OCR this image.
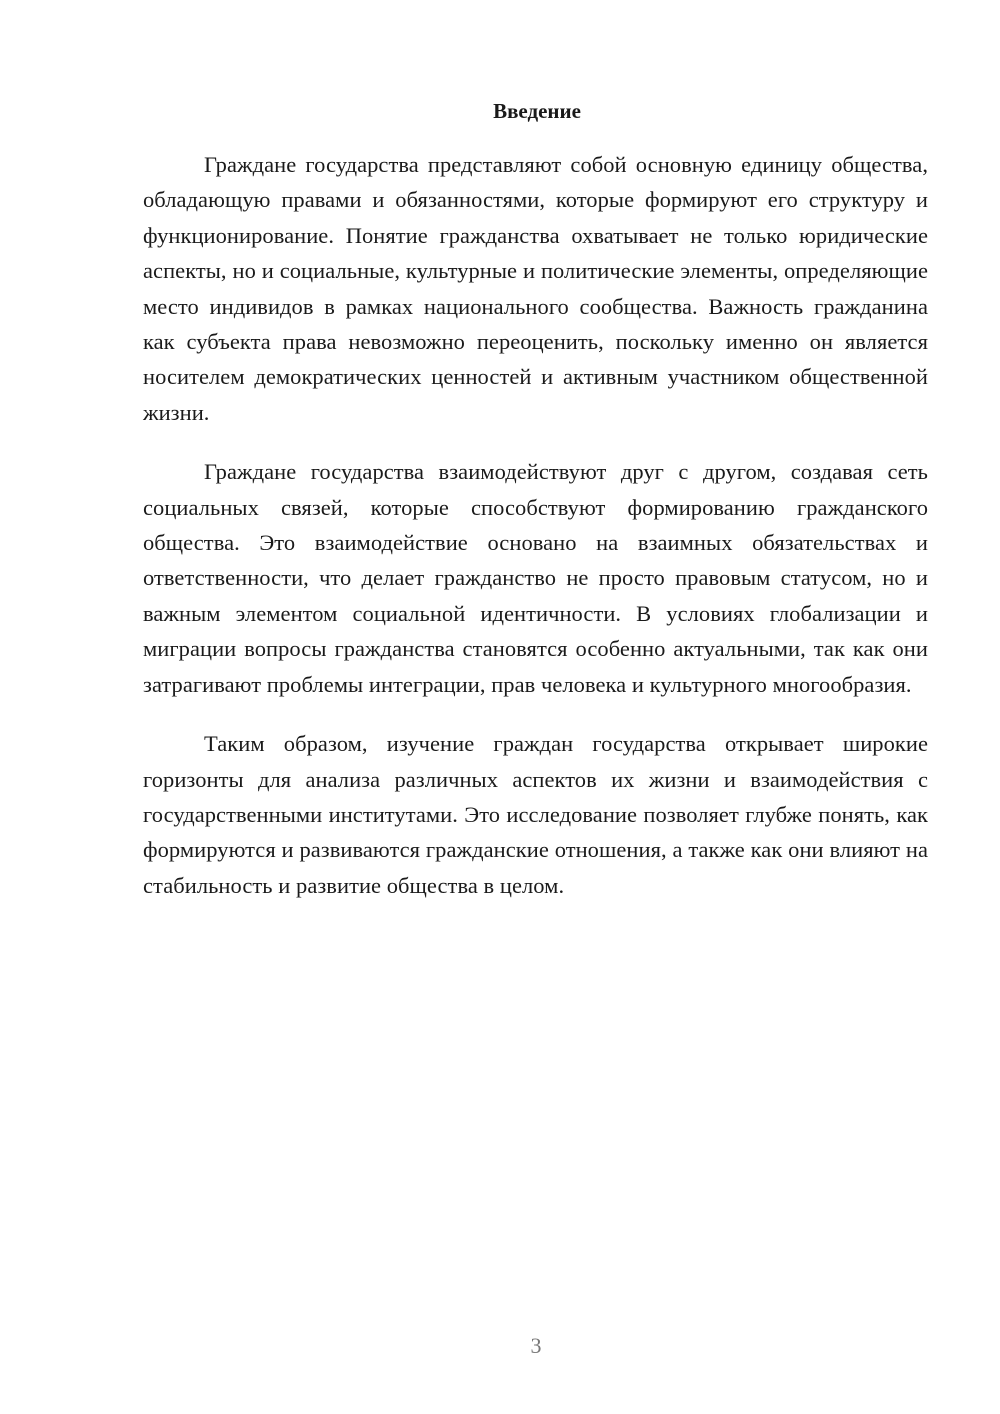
Введение

Граждане государства представляют собой основную единицу общества, обладающую правами и обязанностями, которые формируют его структуру и функционирование. Понятие гражданства охватывает не только юридические аспекты, но и социальные, культурные и политические элементы, определяющие место индивидов в рамках национального сообщества. Важность гражданина как субъекта права невозможно переоценить, поскольку именно он является носителем демократических ценностей и активным участником общественной жизни.

Граждане государства взаимодействуют друг с другом, создавая сеть социальных связей, которые способствуют формированию гражданского общества. Это взаимодействие основано на взаимных обязательствах и ответственности, что делает гражданство не просто правовым статусом, но и важным элементом социальной идентичности. В условиях глобализации и миграции вопросы гражданства становятся особенно актуальными, так как они затрагивают проблемы интеграции, прав человека и культурного многообразия.

Таким образом, изучение граждан государства открывает широкие горизонты для анализа различных аспектов их жизни и взаимодействия с государственными институтами. Это исследование позволяет глубже понять, как формируются и развиваются гражданские отношения, а также как они влияют на стабильность и развитие общества в целом.

3
